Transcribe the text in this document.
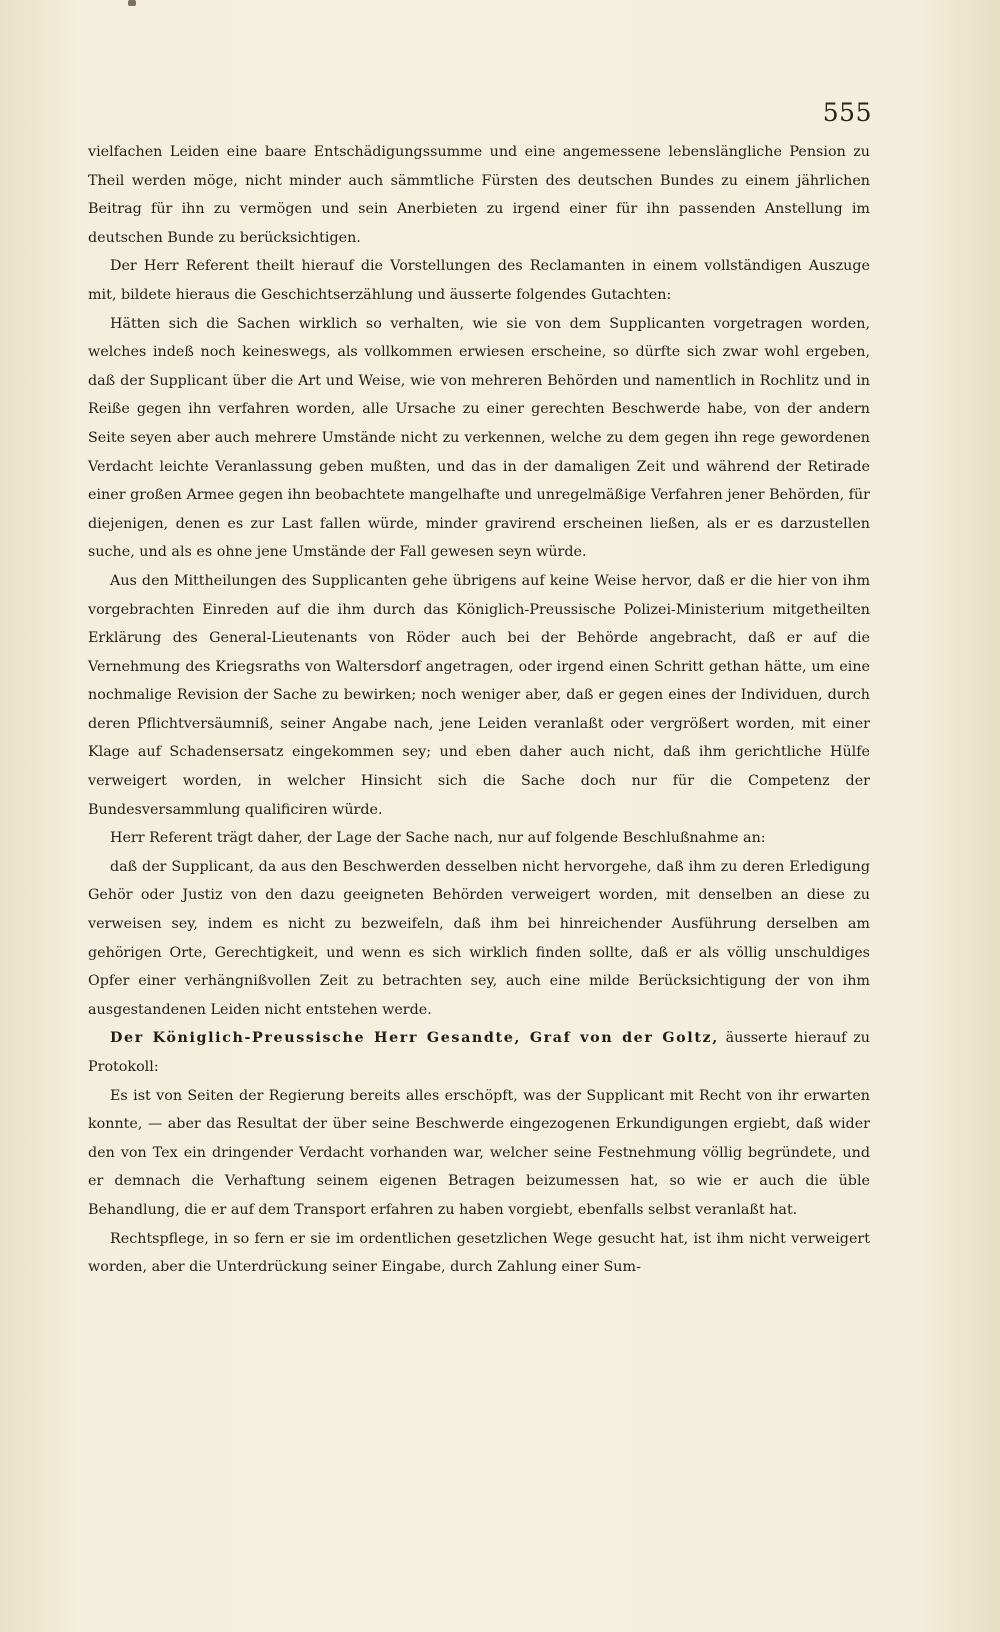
555

vielfachen Leiden eine baare Entschädigungssumme und eine angemessene lebenslängliche Pension zu Theil werden möge, nicht minder auch sämmtliche Fürsten des deutschen Bundes zu einem jährlichen Beitrag für ihn zu vermögen und sein Anerbieten zu irgend einer für ihn passenden Anstellung im deutschen Bunde zu berücksichtigen.

Der Herr Referent theilt hierauf die Vorstellungen des Reclamanten in einem vollständigen Auszuge mit, bildete hieraus die Geschichtserzählung und äusserte folgendes Gutachten:

Hätten sich die Sachen wirklich so verhalten, wie sie von dem Supplicanten vorgetragen worden, welches indeß noch keineswegs, als vollkommen erwiesen erscheine, so dürfte sich zwar wohl ergeben, daß der Supplicant über die Art und Weise, wie von mehreren Behörden und namentlich in Rochlitz und in Reiße gegen ihn verfahren worden, alle Ursache zu einer gerechten Beschwerde habe, von der andern Seite seyen aber auch mehrere Umstände nicht zu verkennen, welche zu dem gegen ihn rege gewordenen Verdacht leichte Veranlassung geben mußten, und das in der damaligen Zeit und während der Retirade einer großen Armee gegen ihn beobachtete mangelhafte und unregelmäßige Verfahren jener Behörden, für diejenigen, denen es zur Last fallen würde, minder gravirend erscheinen ließen, als er es darzustellen suche, und als es ohne jene Umstände der Fall gewesen seyn würde.

Aus den Mittheilungen des Supplicanten gehe übrigens auf keine Weise hervor, daß er die hier von ihm vorgebrachten Einreden auf die ihm durch das Königlich-Preussische Polizei-Ministerium mitgetheilten Erklärung des General-Lieutenants von Röder auch bei der Behörde angebracht, daß er auf die Vernehmung des Kriegsraths von Waltersdorf angetragen, oder irgend einen Schritt gethan hätte, um eine nochmalige Revision der Sache zu bewirken; noch weniger aber, daß er gegen eines der Individuen, durch deren Pflichtversäumniß, seiner Angabe nach, jene Leiden veranlaßt oder vergrößert worden, mit einer Klage auf Schadensersatz eingekommen sey; und eben daher auch nicht, daß ihm gerichtliche Hülfe verweigert worden, in welcher Hinsicht sich die Sache doch nur für die Competenz der Bundesversammlung qualificiren würde.

Herr Referent trägt daher, der Lage der Sache nach, nur auf folgende Beschlußnahme an:

daß der Supplicant, da aus den Beschwerden desselben nicht hervorgehe, daß ihm zu deren Erledigung Gehör oder Justiz von den dazu geeigneten Behörden verweigert worden, mit denselben an diese zu verweisen sey, indem es nicht zu bezweifeln, daß ihm bei hinreichender Ausführung derselben am gehörigen Orte, Gerechtigkeit, und wenn es sich wirklich finden sollte, daß er als völlig unschuldiges Opfer einer verhängnißvollen Zeit zu betrachten sey, auch eine milde Berücksichtigung der von ihm ausgestandenen Leiden nicht entstehen werde.

Der Königlich-Preussische Herr Gesandte, Graf von der Goltz, äusserte hierauf zu Protokoll:

Es ist von Seiten der Regierung bereits alles erschöpft, was der Supplicant mit Recht von ihr erwarten konnte, — aber das Resultat der über seine Beschwerde eingezogenen Erkundigungen ergiebt, daß wider den von Tex ein dringender Verdacht vorhanden war, welcher seine Festnehmung völlig begründete, und er demnach die Verhaftung seinem eigenen Betragen beizumessen hat, so wie er auch die üble Behandlung, die er auf dem Transport erfahren zu haben vorgiebt, ebenfalls selbst veranlaßt hat.

Rechtspflege, in so fern er sie im ordentlichen gesetzlichen Wege gesucht hat, ist ihm nicht verweigert worden, aber die Unterdrückung seiner Eingabe, durch Zahlung einer Sum-
